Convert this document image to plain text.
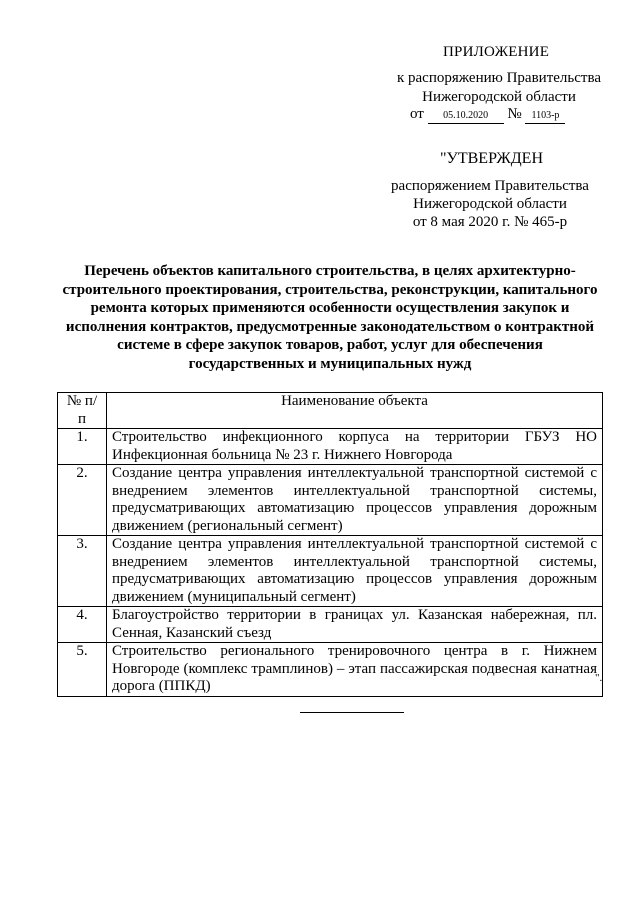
ПРИЛОЖЕНИЕ
к распоряжению Правительства
Нижегородской области
от 05.10.2020 № 1103-р
"УТВЕРЖДЕН
распоряжением Правительства
Нижегородской области
от 8 мая 2020 г. № 465-р
Перечень объектов капитального строительства, в целях архитектурно-строительного проектирования, строительства, реконструкции, капитального ремонта которых применяются особенности осуществления закупок и исполнения контрактов, предусмотренные законодательством о контрактной системе в сфере закупок товаров, работ, услуг для обеспечения государственных и муниципальных нужд
№ п/п	Наименование объекта
1.	Строительство инфекционного корпуса на территории ГБУЗ НО Инфекционная больница № 23 г. Нижнего Новгорода
2.	Создание центра управления интеллектуальной транспортной системой с внедрением элементов интеллектуальной транспортной системы, предусматривающих автоматизацию процессов управления дорожным движением (региональный сегмент)
3.	Создание центра управления интеллектуальной транспортной системой с внедрением элементов интеллектуальной транспортной системы, предусматривающих автоматизацию процессов управления дорожным движением (муниципальный сегмент)
4.	Благоустройство территории в границах ул. Казанская набережная, пл. Сенная, Казанский съезд
5.	Строительство регионального тренировочного центра в г. Нижнем Новгороде (комплекс трамплинов) – этап пассажирская подвесная канатная дорога (ППКД)	".
